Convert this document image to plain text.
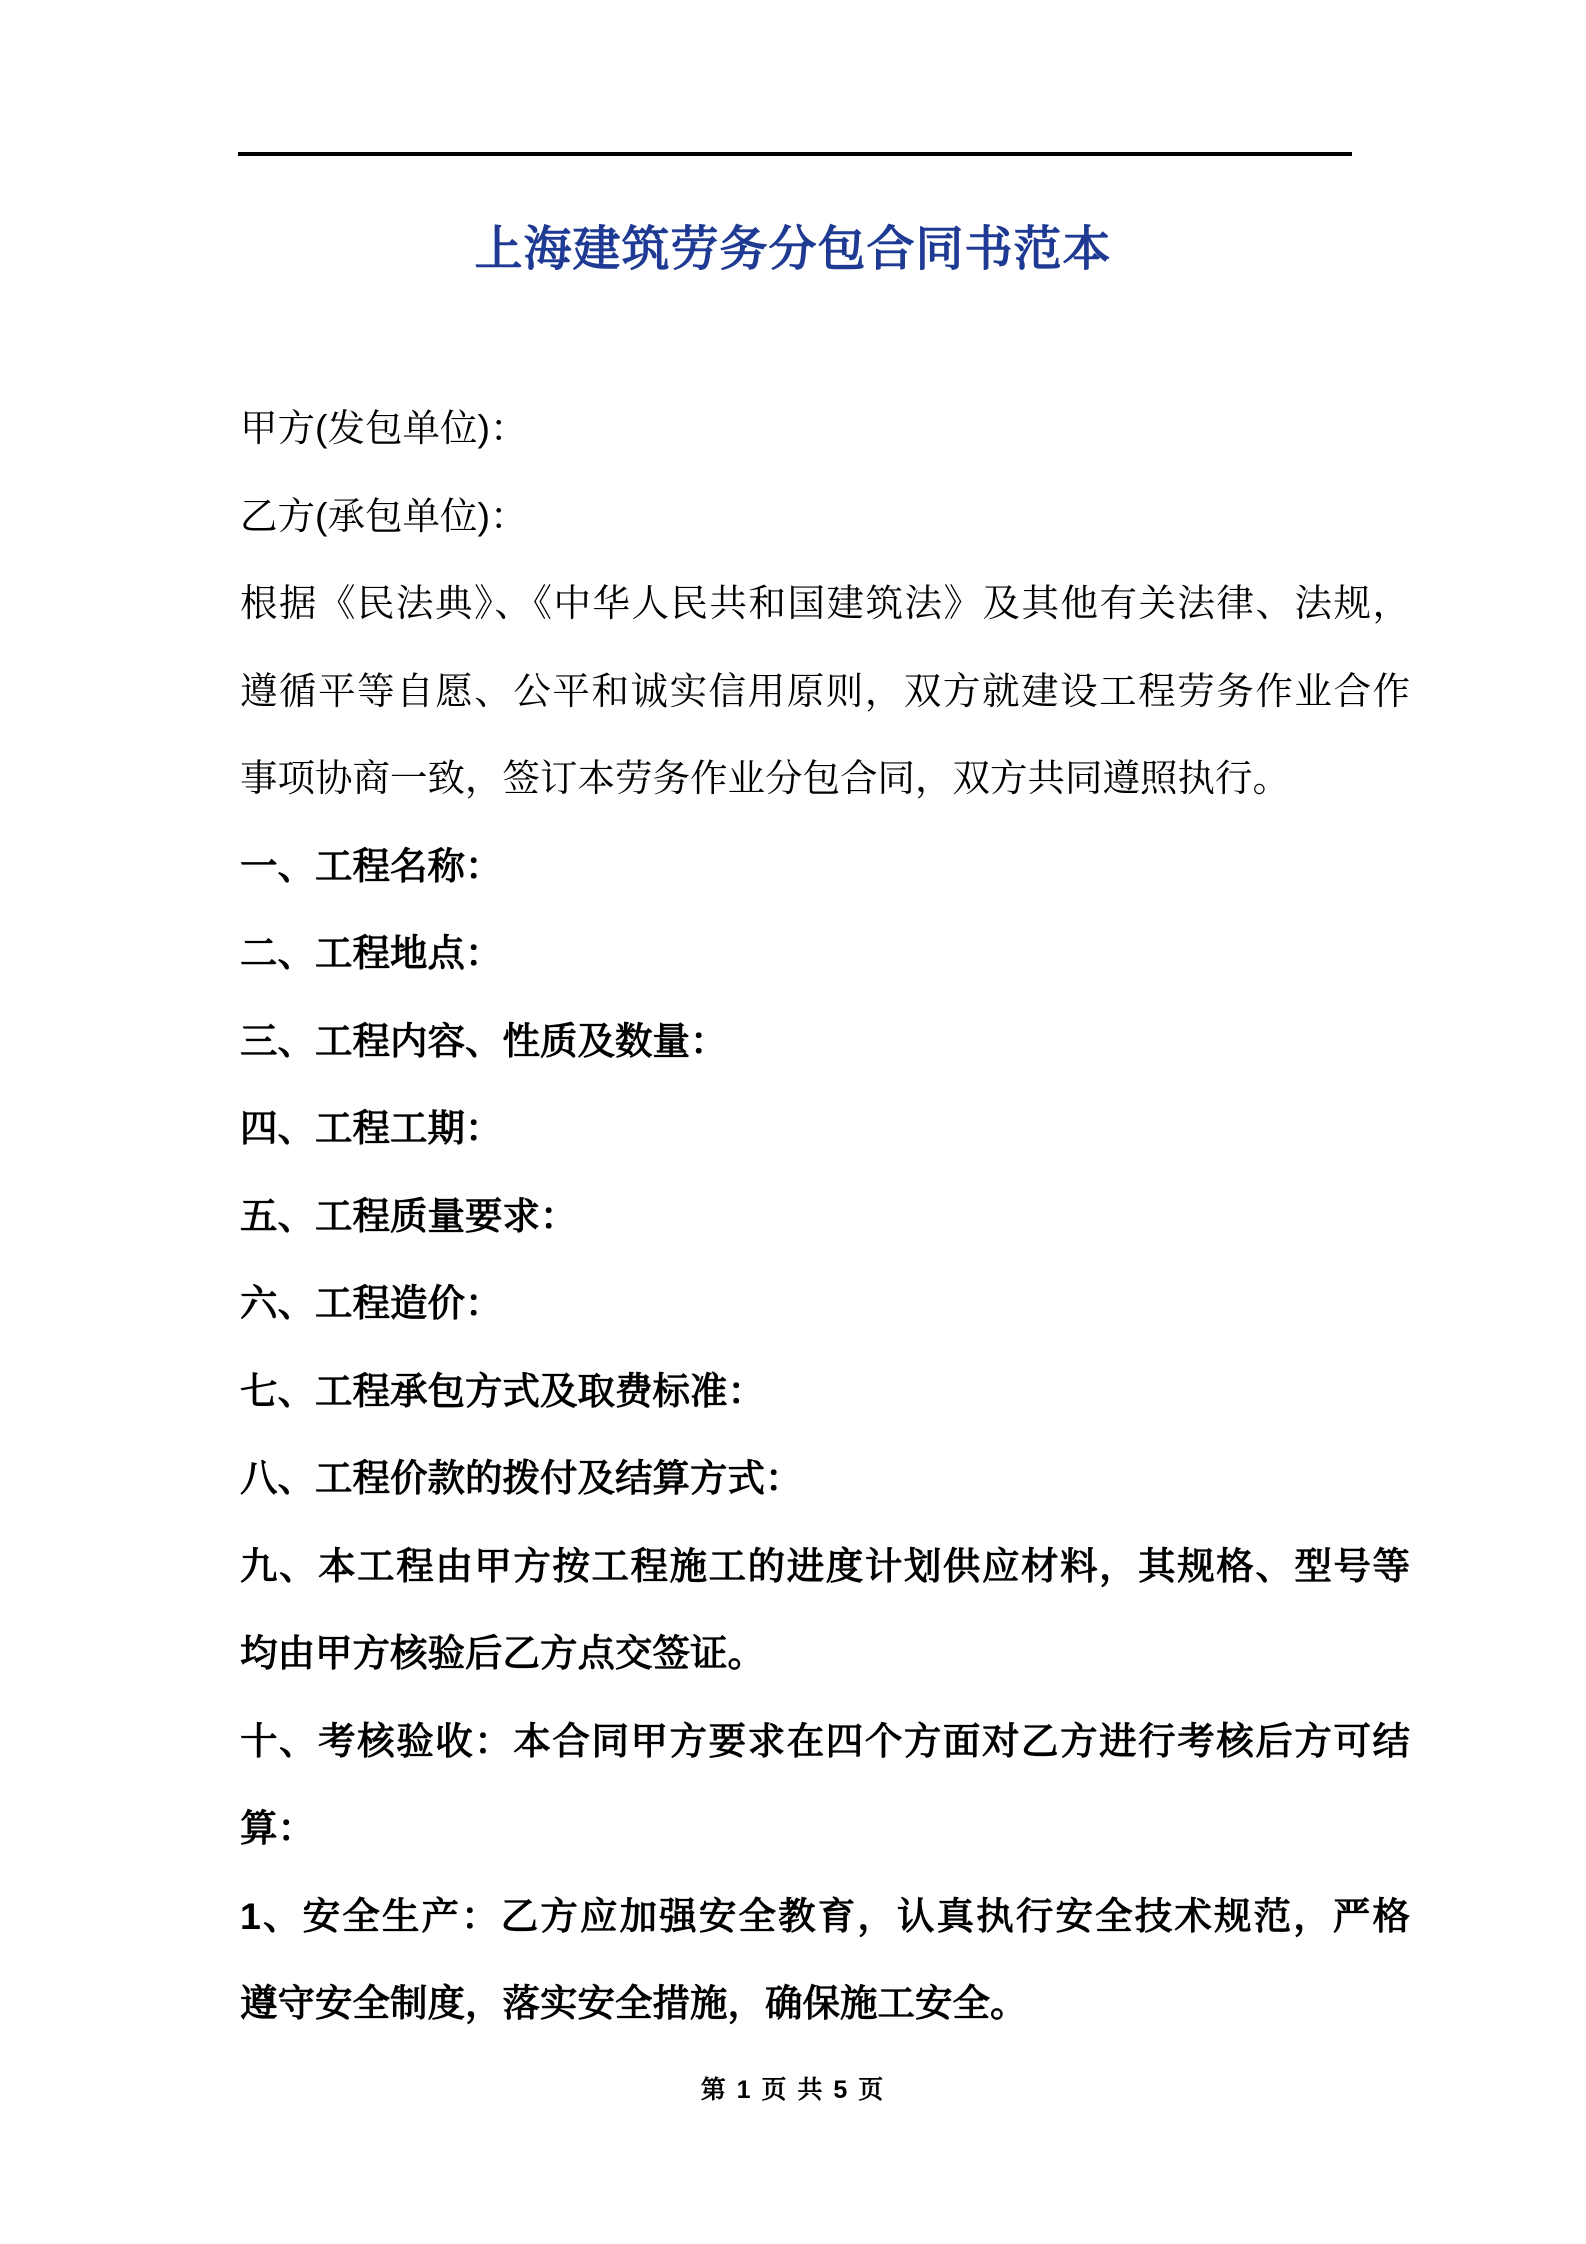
上海建筑劳务分包合同书范本
甲方(发包单位)：
乙方(承包单位)：
根据《民法典》、《中华人民共和国建筑法》及其他有关法律、法规，
遵循平等自愿、公平和诚实信用原则，双方就建设工程劳务作业合作
事项协商一致，签订本劳务作业分包合同，双方共同遵照执行。
一、工程名称：
二、工程地点：
三、工程内容、性质及数量：
四、工程工期：
五、工程质量要求：
六、工程造价：
七、工程承包方式及取费标准：
八、工程价款的拨付及结算方式：
九、本工程由甲方按工程施工的进度计划供应材料，其规格、型号等
均由甲方核验后乙方点交签证。
十、考核验收：本合同甲方要求在四个方面对乙方进行考核后方可结
算：
1、安全生产：乙方应加强安全教育，认真执行安全技术规范，严格
遵守安全制度，落实安全措施，确保施工安全。
第 1 页 共 5 页
